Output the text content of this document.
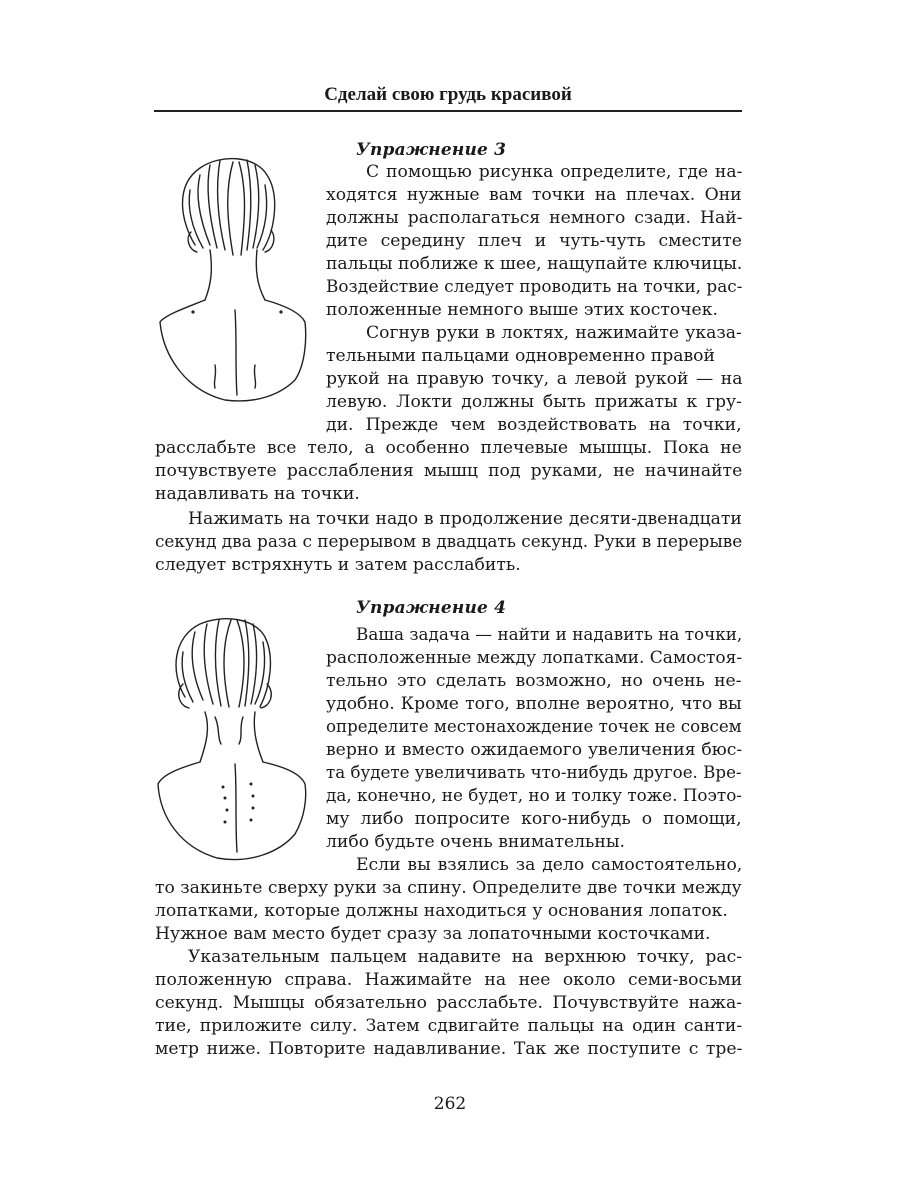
Сделай свою грудь красивой
Упражнение 3
С помощью рисунка определите, где на-
ходятся нужные вам точки на плечах. Они
должны располагаться немного сзади. Най-
дите середину плеч и чуть-чуть сместите
пальцы поближе к шее, нащупайте ключицы.
Воздействие следует проводить на точки, рас-
положенные немного выше этих косточек.
Согнув руки в локтях, нажимайте указа-
тельными пальцами одновременно правой
рукой на правую точку, а левой рукой — на
левую. Локти должны быть прижаты к гру-
ди. Прежде чем воздействовать на точки,
расслабьте все тело, а особенно плечевые мышцы. Пока не
почувствуете расслабления мышц под руками, не начинайте
надавливать на точки.
Нажимать на точки надо в продолжение десяти-двенадцати
секунд два раза с перерывом в двадцать секунд. Руки в перерыве
следует встряхнуть и затем расслабить.
Упражнение 4
Ваша задача — найти и надавить на точки,
расположенные между лопатками. Самостоя-
тельно это сделать возможно, но очень не-
удобно. Кроме того, вполне вероятно, что вы
определите местонахождение точек не совсем
верно и вместо ожидаемого увеличения бюс-
та будете увеличивать что-нибудь другое. Вре-
да, конечно, не будет, но и толку тоже. Поэто-
му либо попросите кого-нибудь о помощи,
либо будьте очень внимательны.
Если вы взялись за дело самостоятельно,
то закиньте сверху руки за спину. Определите две точки между
лопатками, которые должны находиться у основания лопаток.
Нужное вам место будет сразу за лопаточными косточками.
Указательным пальцем надавите на верхнюю точку, рас-
положенную справа. Нажимайте на нее около семи-восьми
секунд. Мышцы обязательно расслабьте. Почувствуйте нажа-
тие, приложите силу. Затем сдвигайте пальцы на один санти-
метр ниже. Повторите надавливание. Так же поступите с тре-
262
